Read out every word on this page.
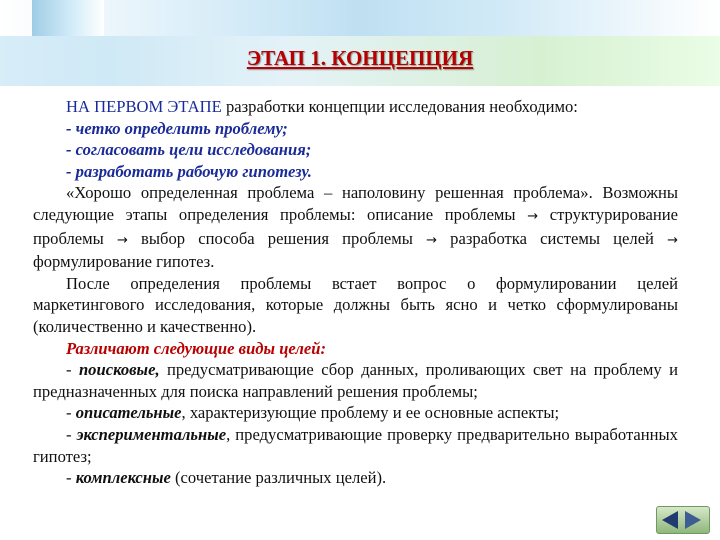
ЭТАП 1. КОНЦЕПЦИЯ

НА ПЕРВОМ ЭТАПЕ разработки концепции исследования необходимо:

- четко определить проблему;

- согласовать цели исследования;

- разработать рабочую гипотезу.

«Хорошо определенная проблема – наполовину решенная проблема». Возможны следующие этапы определения проблемы: описание проблемы → структурирование проблемы → выбор способа решения проблемы → разработка системы целей → формулирование гипотез.

После определения проблемы встает вопрос о формулировании целей маркетингового исследования, которые должны быть ясно и четко сформулированы (количественно и качественно).

Различают следующие виды целей:

- поисковые, предусматривающие сбор данных, проливающих свет на проблему и предназначенных для поиска направлений решения проблемы;

- описательные, характеризующие проблему и ее основные аспекты;

- экспериментальные, предусматривающие проверку предварительно выработанных гипотез;

- комплексные (сочетание различных целей).
